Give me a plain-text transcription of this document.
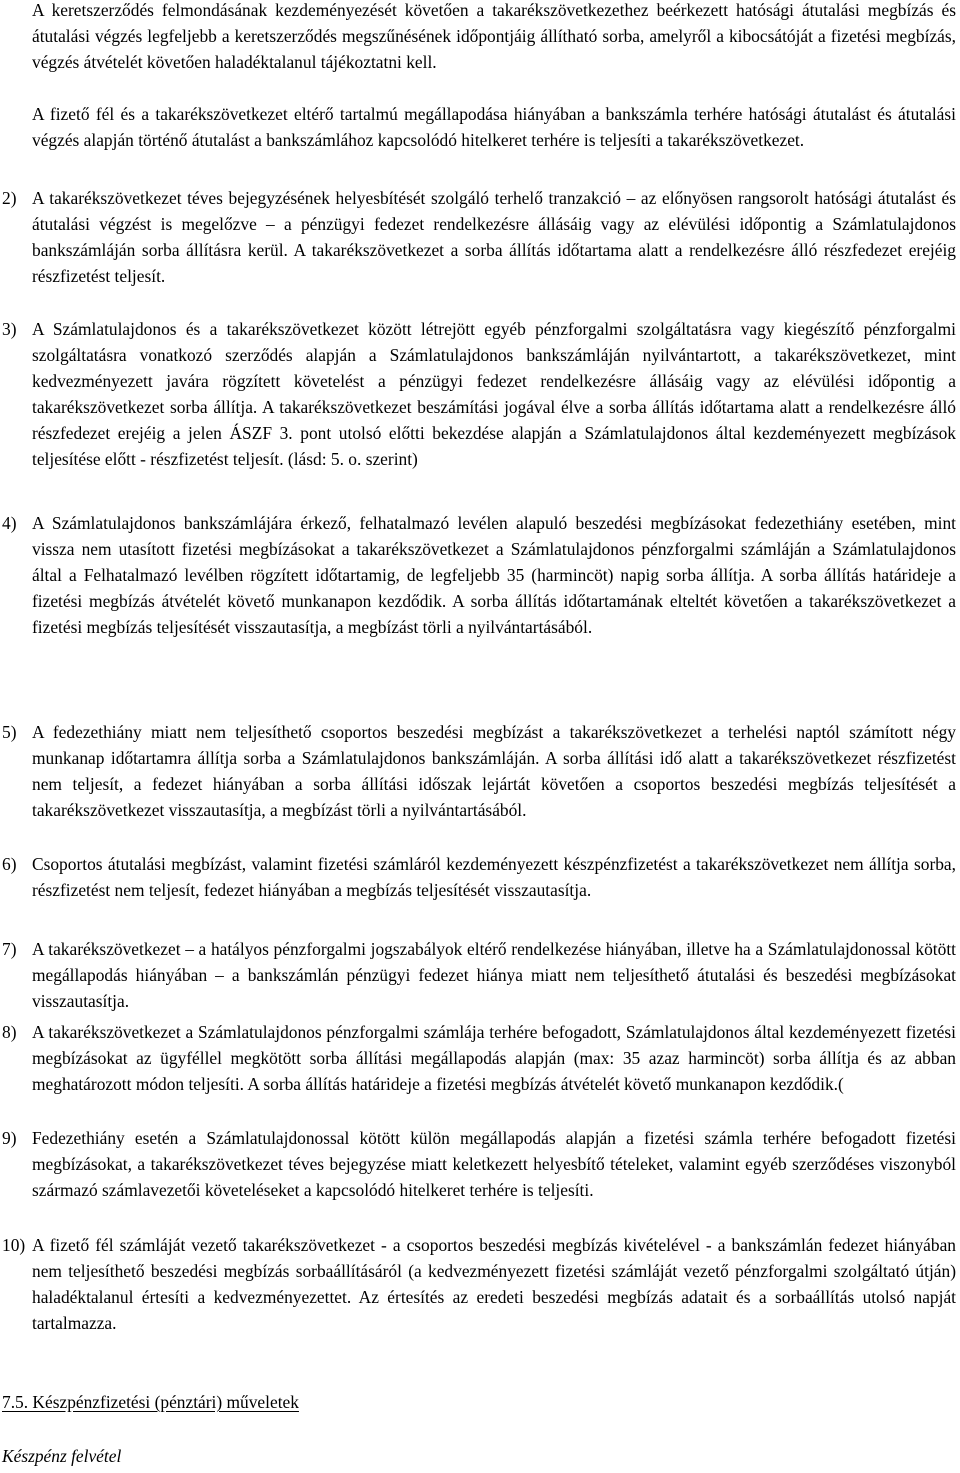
A keretszerződés felmondásának kezdeményezését követően a takarékszövetkezethez beérkezett hatósági átutalási megbízás és átutalási végzés legfeljebb a keretszerződés megszűnésének időpontjáig állítható sorba, amelyről a kibocsátóját a fizetési megbízás, végzés átvételét követően haladéktalanul tájékoztatni kell.

A fizető fél és a takarékszövetkezet eltérő tartalmú megállapodása hiányában a bankszámla terhére hatósági átutalást és átutalási végzés alapján történő átutalást a bankszámlához kapcsolódó hitelkeret terhére is teljesíti a takarékszövetkezet.

2) A takarékszövetkezet téves bejegyzésének helyesbítését szolgáló terhelő tranzakció – az előnyösen rangsorolt hatósági átutalást és átutalási végzést is megelőzve – a pénzügyi fedezet rendelkezésre állásáig vagy az elévülési időpontig a Számlatulajdonos bankszámláján sorba állításra kerül. A takarékszövetkezet a sorba állítás időtartama alatt a rendelkezésre álló részfedezet erejéig részfizetést teljesít.

3) A Számlatulajdonos és a takarékszövetkezet között létrejött egyéb pénzforgalmi szolgáltatásra vagy kiegészítő pénzforgalmi szolgáltatásra vonatkozó szerződés alapján a Számlatulajdonos bankszámláján nyilvántartott, a takarékszövetkezet, mint kedvezményezett javára rögzített követelést a pénzügyi fedezet rendelkezésre állásáig vagy az elévülési időpontig a takarékszövetkezet sorba állítja. A takarékszövetkezet beszámítási jogával élve a sorba állítás időtartama alatt a rendelkezésre álló részfedezet erejéig a jelen ÁSZF 3. pont utolsó előtti bekezdése alapján a Számlatulajdonos által kezdeményezett megbízások teljesítése előtt - részfizetést teljesít. (lásd: 5. o. szerint)

4) A Számlatulajdonos bankszámlájára érkező, felhatalmazó levélen alapuló beszedési megbízásokat fedezethiány esetében, mint vissza nem utasított fizetési megbízásokat a takarékszövetkezet a Számlatulajdonos pénzforgalmi számláján a Számlatulajdonos által a Felhatalmazó levélben rögzített időtartamig, de legfeljebb 35 (harmincöt) napig sorba állítja. A sorba állítás határideje a fizetési megbízás átvételét követő munkanapon kezdődik. A sorba állítás időtartamának elteltét követően a takarékszövetkezet a fizetési megbízás teljesítését visszautasítja, a megbízást törli a nyilvántartásából.

5) A fedezethiány miatt nem teljesíthető csoportos beszedési megbízást a takarékszövetkezet a terhelési naptól számított négy munkanap időtartamra állítja sorba a Számlatulajdonos bankszámláján. A sorba állítási idő alatt a takarékszövetkezet részfizetést nem teljesít, a fedezet hiányában a sorba állítási időszak lejártát követően a csoportos beszedési megbízás teljesítését a takarékszövetkezet visszautasítja, a megbízást törli a nyilvántartásából.

6) Csoportos átutalási megbízást, valamint fizetési számláról kezdeményezett készpénzfizetést a takarékszövetkezet nem állítja sorba, részfizetést nem teljesít, fedezet hiányában a megbízás teljesítését visszautasítja.

7) A takarékszövetkezet – a hatályos pénzforgalmi jogszabályok eltérő rendelkezése hiányában, illetve ha a Számlatulajdonossal kötött megállapodás hiányában – a bankszámlán pénzügyi fedezet hiánya miatt nem teljesíthető átutalási és beszedési megbízásokat visszautasítja.

8) A takarékszövetkezet a Számlatulajdonos pénzforgalmi számlája terhére befogadott, Számlatulajdonos által kezdeményezett fizetési megbízásokat az ügyféllel megkötött sorba állítási megállapodás alapján (max: 35 azaz harmincöt) sorba állítja és az abban meghatározott módon teljesíti. A sorba állítás határideje a fizetési megbízás átvételét követő munkanapon kezdődik.(

9) Fedezethiány esetén a Számlatulajdonossal kötött külön megállapodás alapján a fizetési számla terhére befogadott fizetési megbízásokat, a takarékszövetkezet téves bejegyzése miatt keletkezett helyesbítő tételeket, valamint egyéb szerződéses viszonyból származó számlavezetői követeléseket a kapcsolódó hitelkeret terhére is teljesíti.

10) A fizető fél számláját vezető takarékszövetkezet - a csoportos beszedési megbízás kivételével - a bankszámlán fedezet hiányában nem teljesíthető beszedési megbízás sorbaállításáról (a kedvezményezett fizetési számláját vezető pénzforgalmi szolgáltató útján) haladéktalanul értesíti a kedvezményezettet. Az értesítés az eredeti beszedési megbízás adatait és a sorbaállítás utolsó napját tartalmazza.

7.5. Készpénzfizetési (pénztári) műveletek

Készpénz felvétel
